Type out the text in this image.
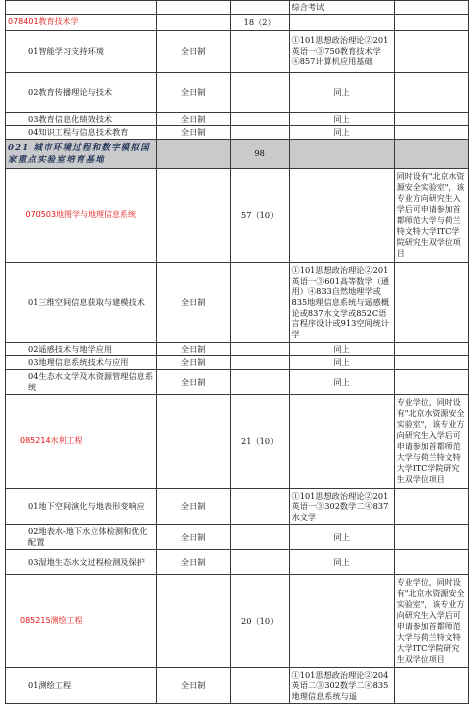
			综合考试	
078401教育技术学		18（2）		
01智能学习支持环境	全日制		①101思想政治理论②201英语一③750教育技术学④857计算机应用基础	
02教育传播理论与技术	全日制		同上	
03教育信息化绩效技术	全日制		同上	
04知识工程与信息技术教育	全日制		同上	
021 城市环境过程和数字模拟国家重点实验室培育基地		98		
070503地图学与地理信息系统		57（10）		同时设有"北京水资源安全实验室"，该专业方向研究生入学后可申请参加首都师范大学与荷兰特文特大学ITC学院研究生双学位项目
01三维空间信息获取与建模技术	全日制		①101思想政治理论②201英语一③601高等数学（通用）④833自然地理学或835地理信息系统与遥感概论或837水文学或852C语言程序设计或913空间统计学	
02遥感技术与地学应用	全日制		同上	
03地理信息系统技术与应用	全日制		同上	
04生态水文学及水资源管理信息系统	全日制		同上	
085214水利工程		21（10）		专业学位，同时设有"北京水资源安全实验室"，该专业方向研究生入学后可申请参加首都师范大学与荷兰特文特大学ITC学院研究生双学位项目
01地下空间演化与地表形变响应	全日制		①101思想政治理论②201英语一③302数学二④837水文学	
02地表水-地下水立体检测和优化配置	全日制		同上	
03湿地生态水文过程检测及保护	全日制		同上	
085215测绘工程		20（10）		专业学位，同时设有"北京水资源安全实验室"，该专业方向研究生入学后可申请参加首都师范大学与荷兰特文特大学ITC学院研究生双学位项目
01测绘工程	全日制		①101思想政治理论②204英语二③302数学二④835地理信息系统与遥	
